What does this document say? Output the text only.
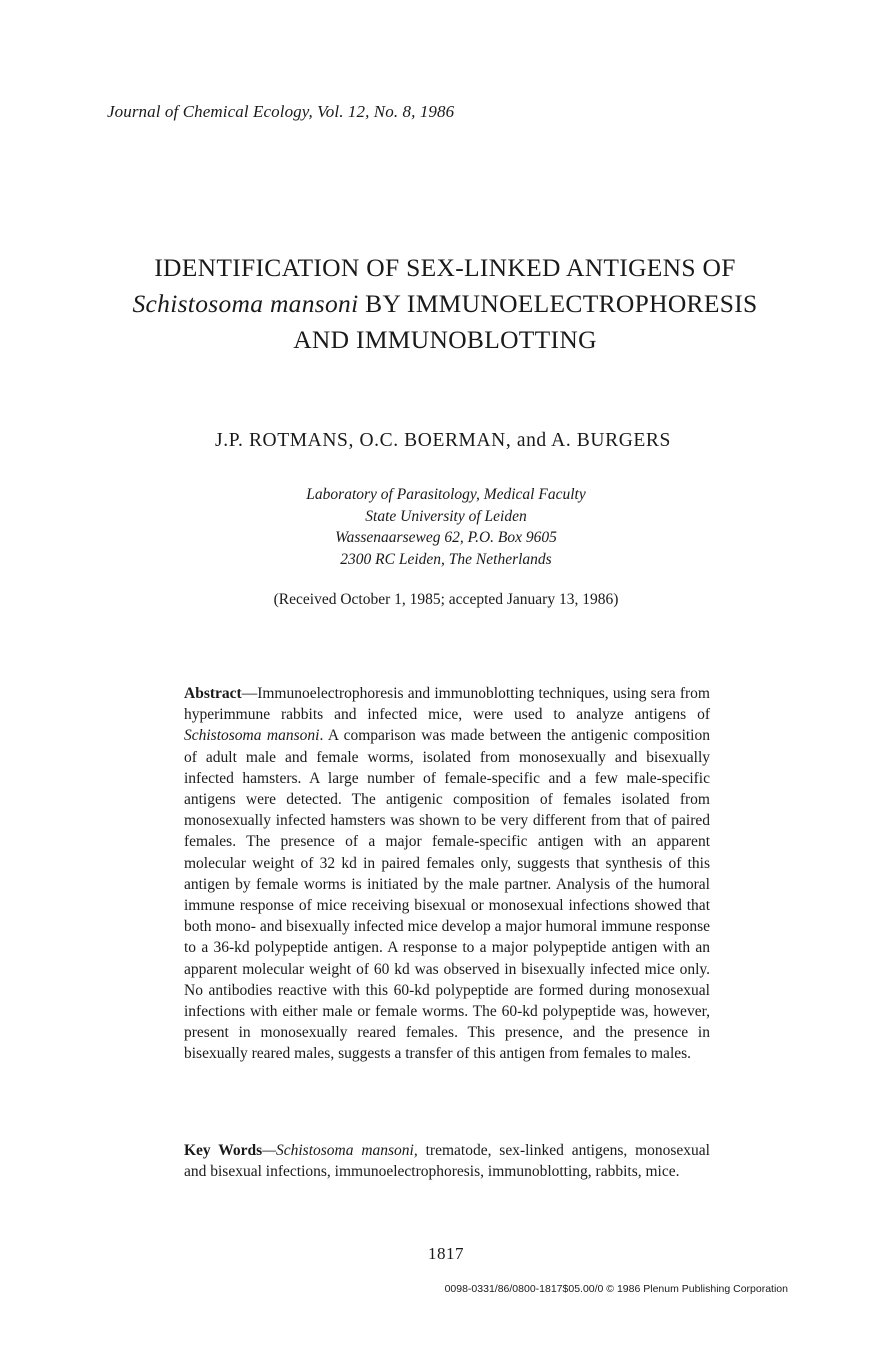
Journal of Chemical Ecology, Vol. 12, No. 8, 1986
IDENTIFICATION OF SEX-LINKED ANTIGENS OF
Schistosoma mansoni BY IMMUNOELECTROPHORESIS
AND IMMUNOBLOTTING
J.P. ROTMANS, O.C. BOERMAN, and A. BURGERS
Laboratory of Parasitology, Medical Faculty
State University of Leiden
Wassenaarseweg 62, P.O. Box 9605
2300 RC Leiden, The Netherlands
(Received October 1, 1985; accepted January 13, 1986)
Abstract—Immunoelectrophoresis and immunoblotting techniques, using sera from hyperimmune rabbits and infected mice, were used to analyze antigens of Schistosoma mansoni. A comparison was made between the antigenic composition of adult male and female worms, isolated from monosexually and bisexually infected hamsters. A large number of female-specific and a few male-specific antigens were detected. The antigenic composition of females isolated from monosexually infected hamsters was shown to be very different from that of paired females. The presence of a major female-specific antigen with an apparent molecular weight of 32 kd in paired females only, suggests that synthesis of this antigen by female worms is initiated by the male partner. Analysis of the humoral immune response of mice receiving bisexual or monosexual infections showed that both mono- and bisexually infected mice develop a major humoral immune response to a 36-kd polypeptide antigen. A response to a major polypeptide antigen with an apparent molecular weight of 60 kd was observed in bisexually infected mice only. No antibodies reactive with this 60-kd polypeptide are formed during monosexual infections with either male or female worms. The 60-kd polypeptide was, however, present in monosexually reared females. This presence, and the presence in bisexually reared males, suggests a transfer of this antigen from females to males.
Key Words—Schistosoma mansoni, trematode, sex-linked antigens, monosexual and bisexual infections, immunoelectrophoresis, immunoblotting, rabbits, mice.
1817
0098-0331/86/0800-1817$05.00/0 © 1986 Plenum Publishing Corporation
